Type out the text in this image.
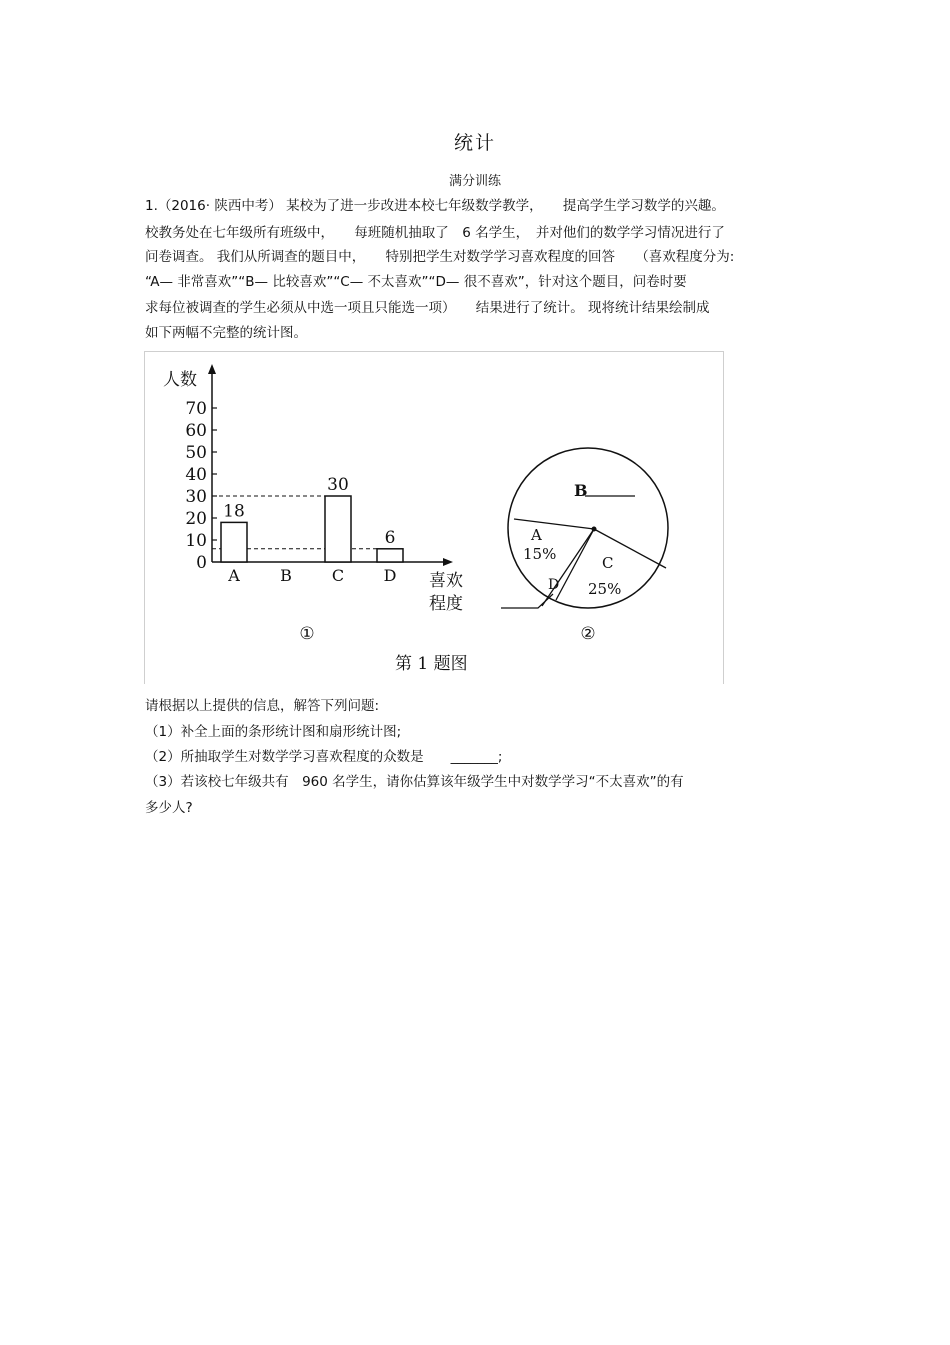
统计
满分训练
1.（2016· 陕西中考） 某校为了进一步改进本校七年级数学教学，　　提高学生学习数学的兴趣。
校教务处在七年级所有班级中，　　每班随机抽取了　6 名学生，　并对他们的数学学习情况进行了
问卷调查。 我们从所调查的题目中，　　特别把学生对数学学习喜欢程度的回答　　（喜欢程度分为:
“A— 非常喜欢”“B— 比较喜欢”“C— 不太喜欢”“D— 很不喜欢”，针对这个题目，问卷时要
求每位被调查的学生必须从中选一项且只能选一项）　　结果进行了统计。 现将统计结果绘制成
如下两幅不完整的统计图。
人数
喜欢
程度
0
10
20
30
40
50
60
70
18
30
6
A	B C D
①
B
A
15%	C
25%
D
②
第 1 题图
请根据以上提供的信息，解答下列问题:
（1）补全上面的条形统计图和扇形统计图;
（2）所抽取学生对数学学习喜欢程度的众数是　　_______;
（3）若该校七年级共有　960 名学生，请你估算该年级学生中对数学学习“不太喜欢”的有
多少人?
